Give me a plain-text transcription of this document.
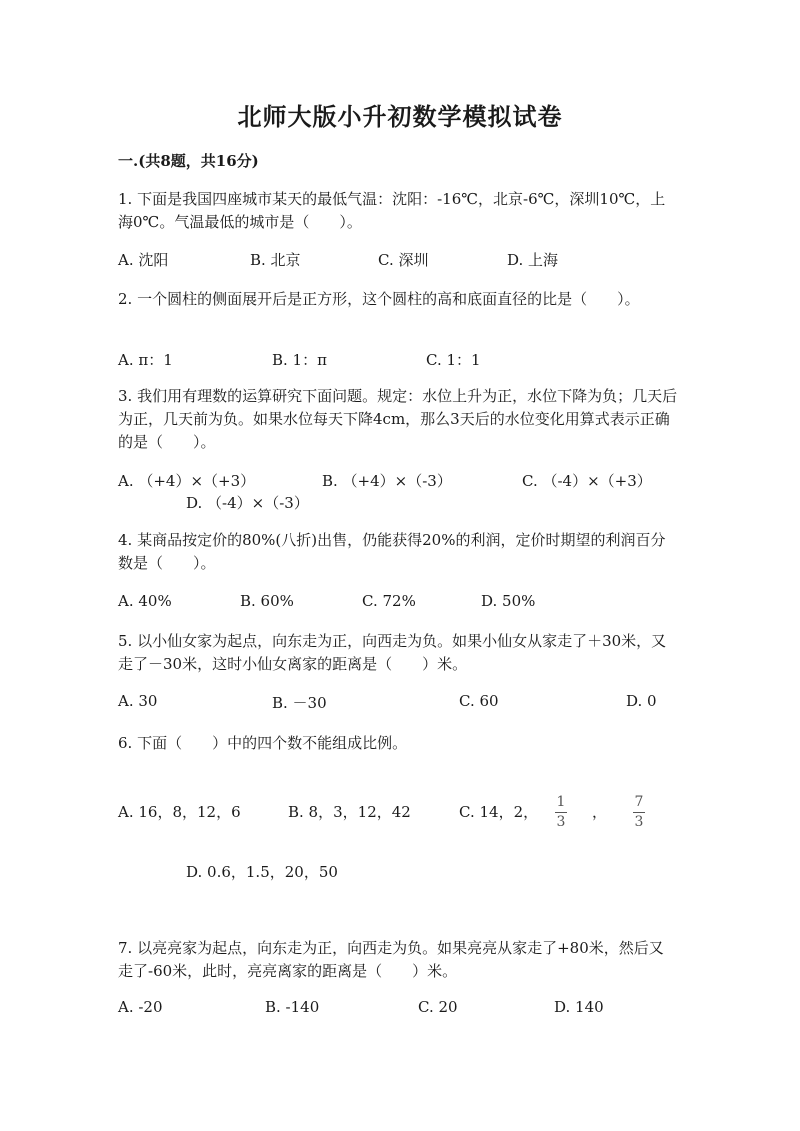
北师大版小升初数学模拟试卷
一.(共8题，共16分)
1. 下面是我国四座城市某天的最低气温：沈阳：-16℃，北京-6℃，深圳10℃，上海0℃。气温最低的城市是（　　）。
A. 沈阳	B. 北京	C. 深圳	D. 上海
2. 一个圆柱的侧面展开后是正方形，这个圆柱的高和底面直径的比是（　　）。
A. π：1	B. 1：π	C. 1：1
3. 我们用有理数的运算研究下面问题。规定：水位上升为正，水位下降为负；几天后为正，几天前为负。如果水位每天下降4cm，那么3天后的水位变化用算式表示正确的是（　　）。
A. （+4）×（+3）	B. （+4）×（-3）	C. （-4）×（+3）
D. （-4）×（-3）
4. 某商品按定价的80%(八折)出售，仍能获得20%的利润，定价时期望的利润百分数是（　　）。
A. 40%	B. 60%	C. 72%	D. 50%
5. 以小仙女家为起点，向东走为正，向西走为负。如果小仙女从家走了＋30米，又走了－30米，这时小仙女离家的距离是（　　）米。
A. 30	B. －30	C. 60	D. 0
6. 下面（　　）中的四个数不能组成比例。
A. 16，8，12，6	B. 8，3，12，42	C. 14，2，
1
3
，
7
3
D. 0.6，1.5，20，50
7. 以亮亮家为起点，向东走为正，向西走为负。如果亮亮从家走了+80米，然后又走了-60米，此时，亮亮离家的距离是（　　）米。
A. -20	B. -140	C. 20	D. 140
